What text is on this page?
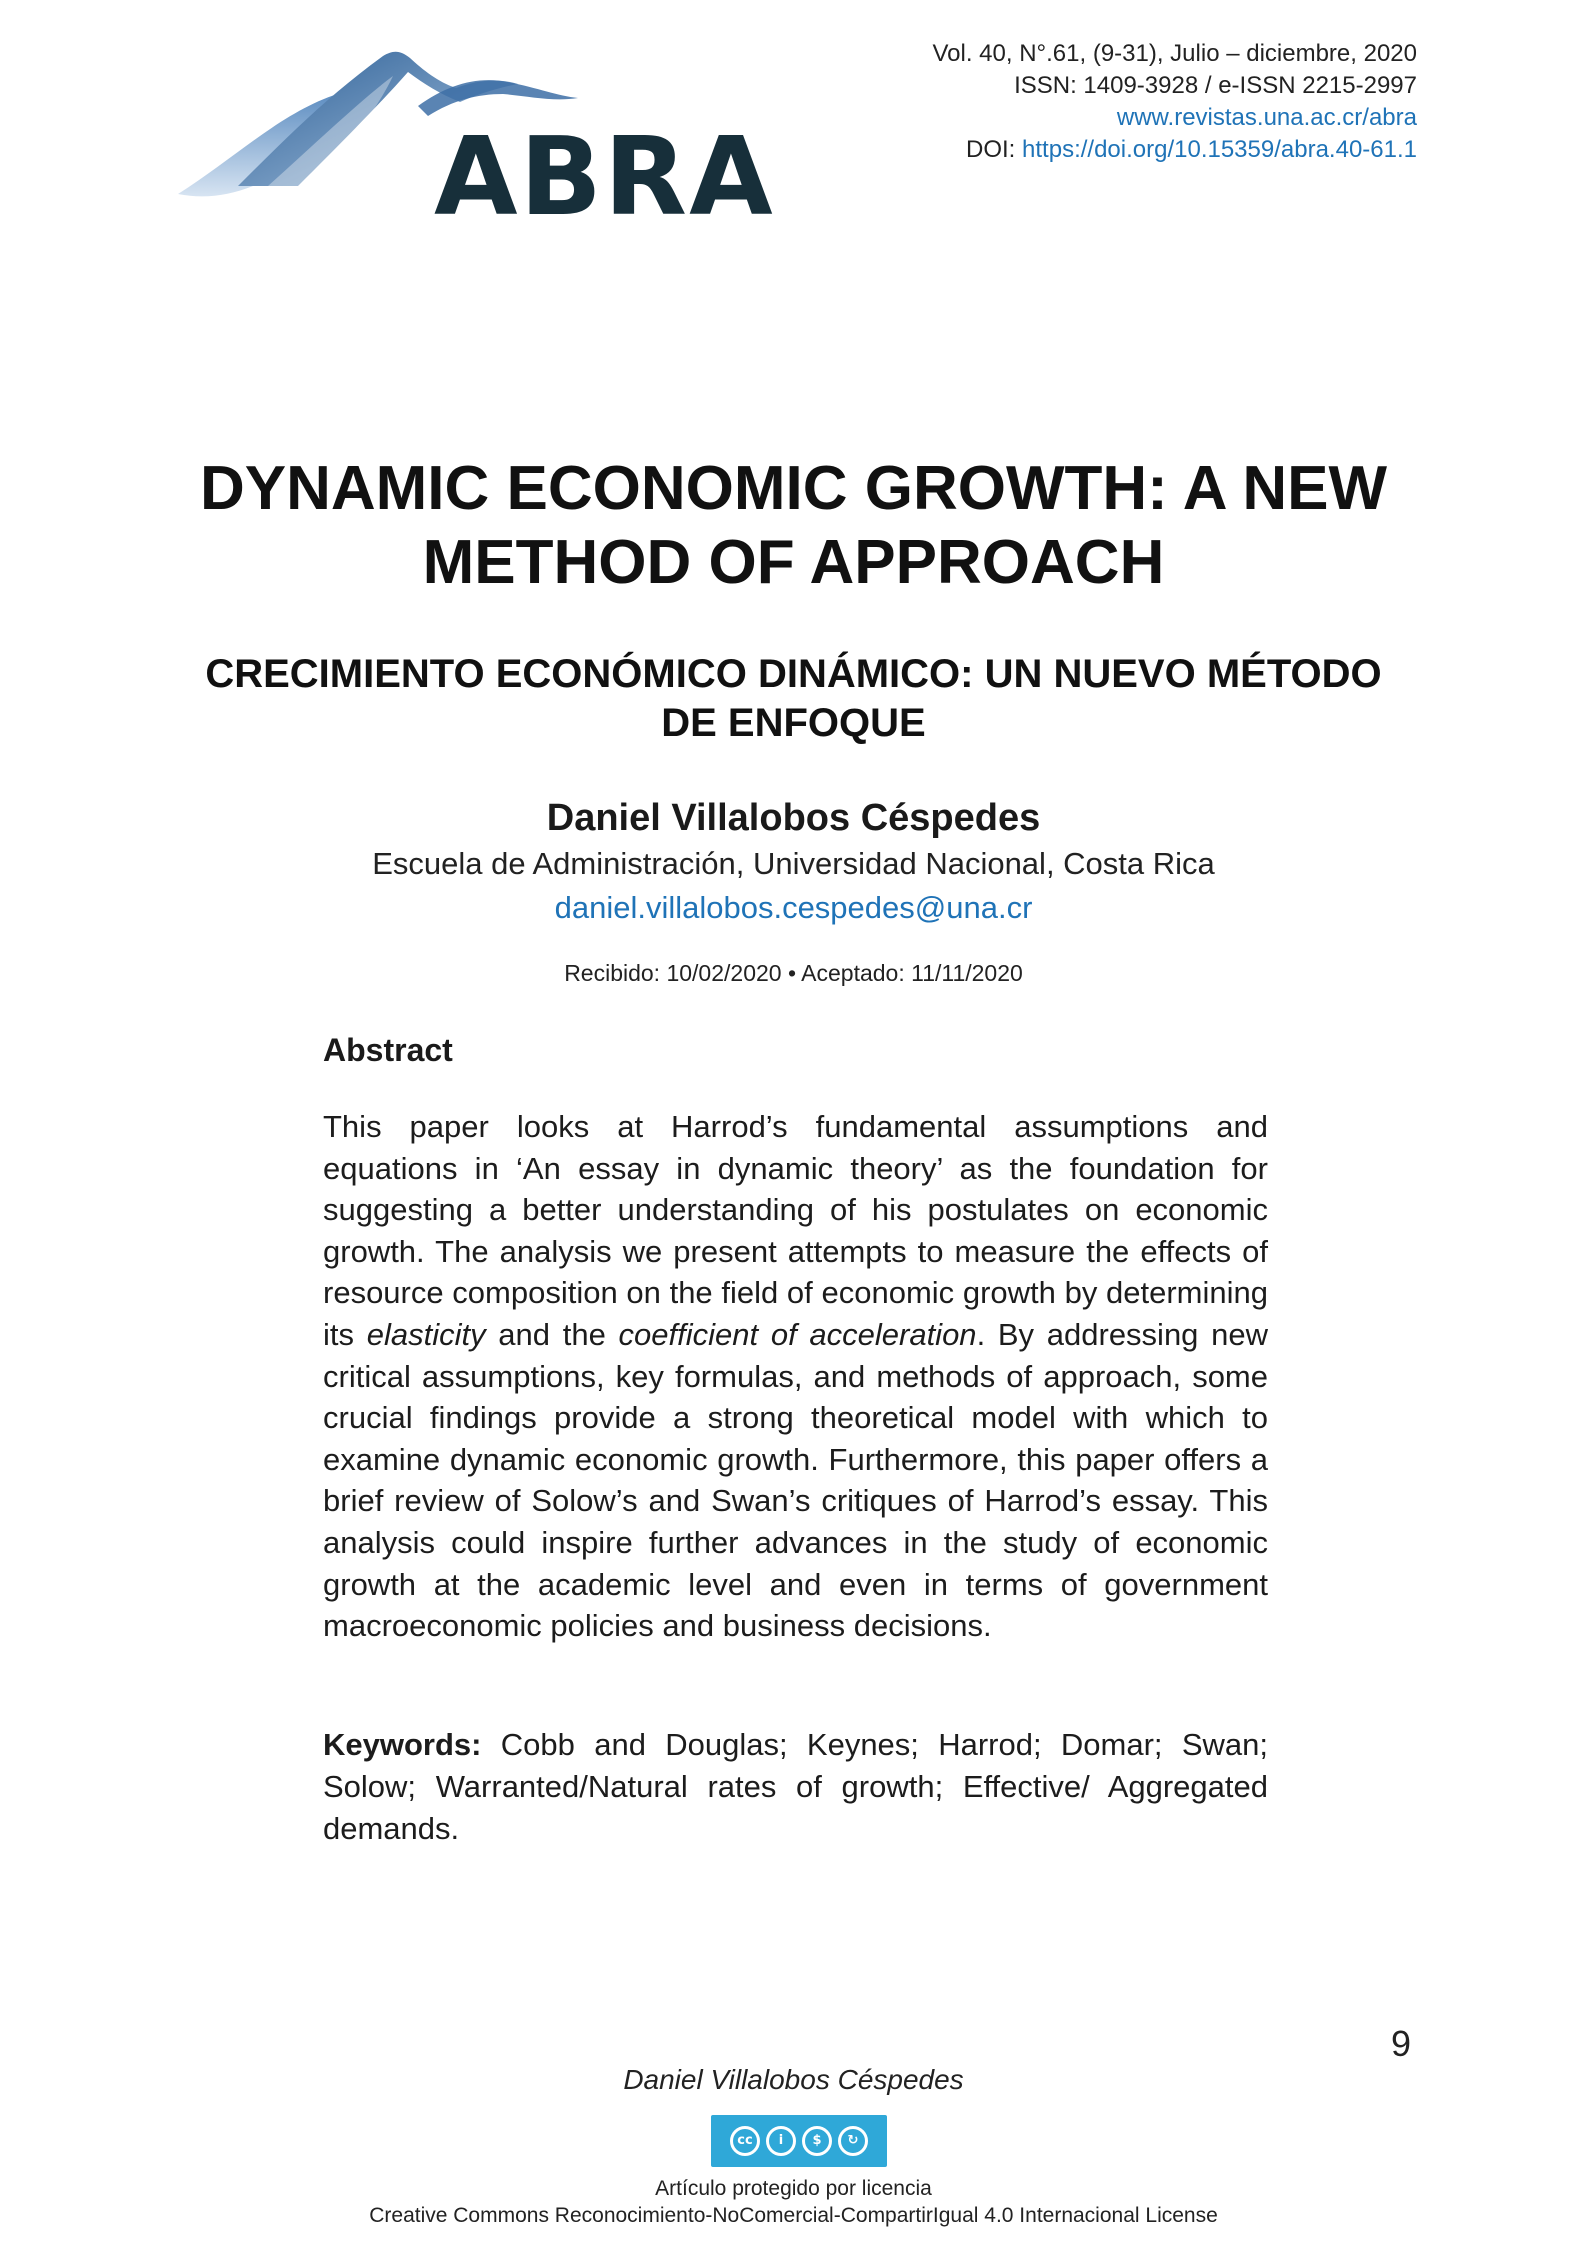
ABRA
Vol. 40, N°.61, (9-31), Julio – diciembre, 2020
ISSN: 1409-3928 / e-ISSN 2215-2997
www.revistas.una.ac.cr/abra
DOI: https://doi.org/10.15359/abra.40-61.1
DYNAMIC ECONOMIC GROWTH: A NEW
METHOD OF APPROACH
CRECIMIENTO ECONÓMICO DINÁMICO: UN NUEVO MÉTODO
DE ENFOQUE
Daniel Villalobos Céspedes
Escuela de Administración, Universidad Nacional, Costa Rica
daniel.villalobos.cespedes@una.cr
Recibido: 10/02/2020 • Aceptado: 11/11/2020
Abstract
This paper looks at Harrod’s fundamental assumptions and equations in ‘An essay in dynamic theory’ as the foundation for suggesting a better understanding of his postulates on economic growth. The analysis we present attempts to measure the effects of resource composition on the field of economic growth by determining its elasticity and the coefficient of acceleration. By addressing new critical assumptions, key formulas, and methods of approach, some crucial findings provide a strong theoretical model with which to examine dynamic economic growth. Furthermore, this paper offers a brief review of Solow’s and Swan’s critiques of Harrod’s essay. This analysis could inspire further advances in the study of economic growth at the academic level and even in terms of government macroeconomic policies and business decisions.
Keywords: Cobb and Douglas; Keynes; Harrod; Domar; Swan; Solow; Warranted/Natural rates of growth; Effective/ Aggregated demands.
9
Daniel Villalobos Céspedes
cc	i	$	↻
Artículo protegido por licencia
Creative Commons Reconocimiento-NoComercial-CompartirIgual 4.0 Internacional License
